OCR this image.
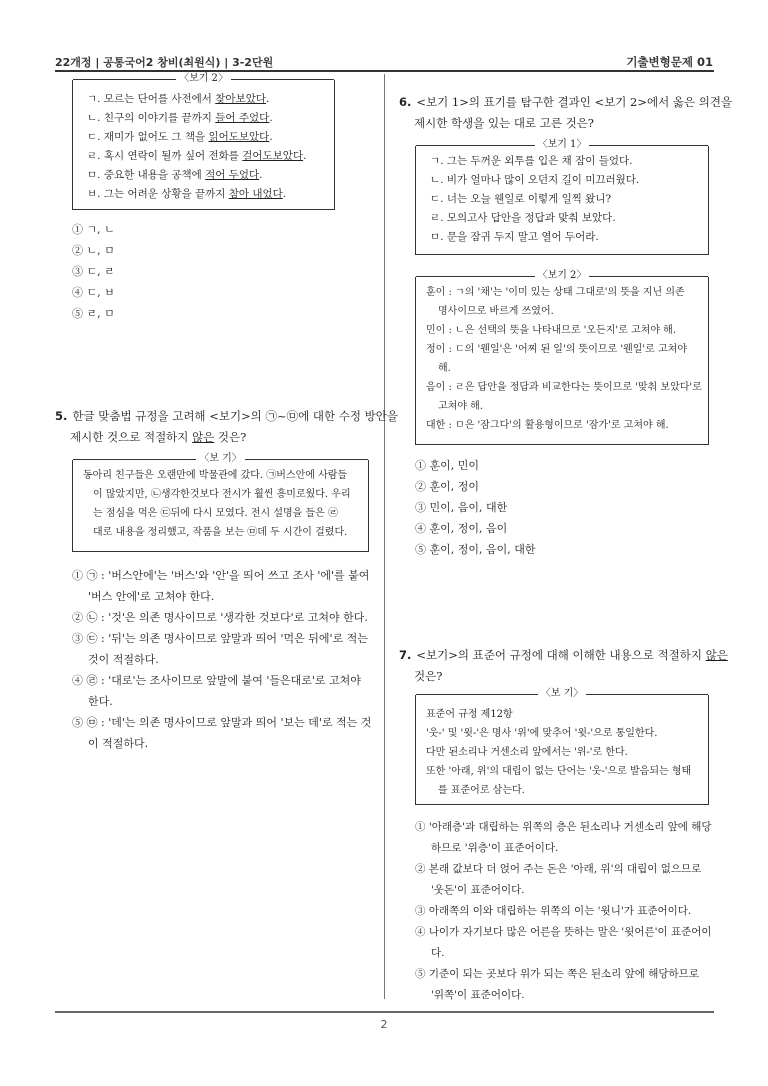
22개정 | 공통국어2 창비(최원식) | 3-2단원	기출변형문제 01
〈보기 2〉
ㄱ. 모르는 단어를 사전에서 찾아보았다.
ㄴ. 친구의 이야기를 끝까지 들어 주었다.
ㄷ. 재미가 없어도 그 책을 읽어도보았다.
ㄹ. 혹시 연락이 될까 싶어 전화를 걸어도보았다.
ㅁ. 중요한 내용을 공책에 적어 두었다.
ㅂ. 그는 어려운 상황을 끝까지 참아 내었다.
① ㄱ, ㄴ
② ㄴ, ㅁ
③ ㄷ, ㄹ
④ ㄷ, ㅂ
⑤ ㄹ, ㅁ
5. 한글 맞춤법 규정을 고려해 <보기>의 ㉠~㉤에 대한 수정 방안을
제시한 것으로 적절하지 않은 것은?
〈보 기〉
동아리 친구들은 오랜만에 박물관에 갔다. ㉠버스안에 사람들
이 많았지만, ㉡생각한것보다 전시가 훨씬 흥미로웠다. 우리
는 점심을 먹은 ㉢뒤에 다시 모였다. 전시 설명을 들은 ㉣
대로 내용을 정리했고, 작품을 보는 ㉤데 두 시간이 걸렸다.
① ㉠ : '버스안에'는 '버스'와 '안'을 띄어 쓰고 조사 '에'를 붙여 '버스 안에'로 고쳐야 한다.
② ㉡ : '것'은 의존 명사이므로 '생각한 것보다'로 고쳐야 한다.
③ ㉢ : '뒤'는 의존 명사이므로 앞말과 띄어 '먹은 뒤에'로 적는 것이 적절하다.
④ ㉣ : '대로'는 조사이므로 앞말에 붙여 '들은대로'로 고쳐야 한다.
⑤ ㉤ : '데'는 의존 명사이므로 앞말과 띄어 '보는 데'로 적는 것이 적절하다.
6. <보기 1>의 표기를 탐구한 결과인 <보기 2>에서 옳은 의견을
제시한 학생을 있는 대로 고른 것은?
〈보기 1〉
ㄱ. 그는 두꺼운 외투를 입은 채 잠이 들었다.
ㄴ. 비가 얼마나 많이 오던지 길이 미끄러웠다.
ㄷ. 너는 오늘 웬일로 이렇게 일찍 왔니?
ㄹ. 모의고사 답안을 정답과 맞춰 보았다.
ㅁ. 문을 잠귀 두지 말고 열어 두어라.
〈보기 2〉
훈이 : ㄱ의 '채'는 '이미 있는 상태 그대로'의 뜻을 지닌 의존
명사이므로 바르게 쓰였어.
민이 : ㄴ은 선택의 뜻을 나타내므로 '오든지'로 고쳐야 해.
정이 : ㄷ의 '웬일'은 '어찌 된 일'의 뜻이므로 '웬일'로 고쳐야
해.
음이 : ㄹ은 답안을 정답과 비교한다는 뜻이므로 '맞춰 보았다'로
고쳐야 해.
대한 : ㅁ은 '잠그다'의 활용형이므로 '잠가'로 고쳐야 해.
① 훈이, 민이
② 훈이, 정이
③ 민이, 음이, 대한
④ 훈이, 정이, 음이
⑤ 훈이, 정이, 음이, 대한
7. <보기>의 표준어 규정에 대해 이해한 내용으로 적절하지 않은
것은?
〈보 기〉
표준어 규정 제12항
'웃-' 및 '윗-'은 명사 '위'에 맞추어 '윗-'으로 통일한다.
다만 된소리나 거센소리 앞에서는 '위-'로 한다.
또한 '아래, 위'의 대립이 없는 단어는 '웃-'으로 발음되는 형태
를 표준어로 삼는다.
① '아래층'과 대립하는 위쪽의 층은 된소리나 거센소리 앞에 해당하므로 '위층'이 표준어이다.
② 본래 값보다 더 얹어 주는 돈은 '아래, 위'의 대립이 없으므로 '웃돈'이 표준어이다.
③ 아래쪽의 이와 대립하는 위쪽의 이는 '윗니'가 표준어이다.
④ 나이가 자기보다 많은 어른을 뜻하는 말은 '윗어른'이 표준어이다.
⑤ 기준이 되는 곳보다 위가 되는 쪽은 된소리 앞에 해당하므로 '위쪽'이 표준어이다.
2
